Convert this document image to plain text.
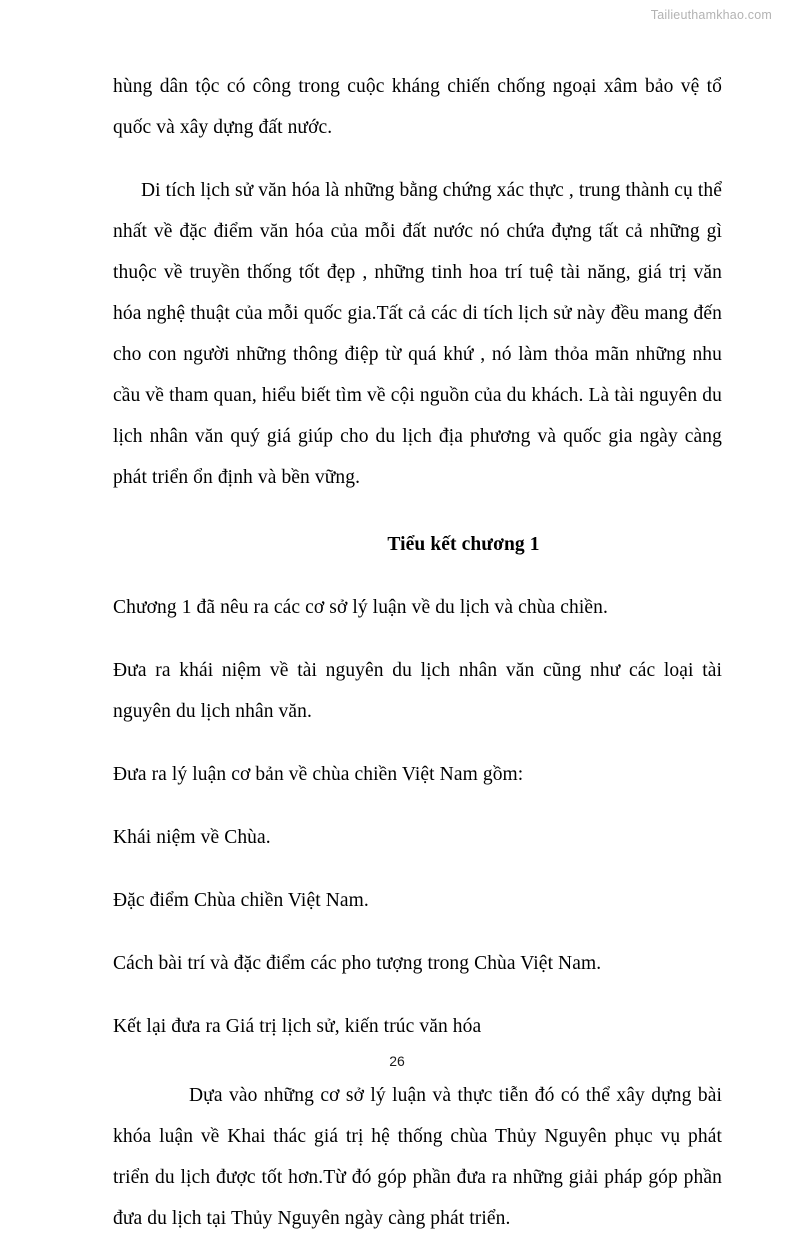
Tailieuthamkhao.com

hùng dân tộc có công trong cuộc kháng chiến chống ngoại xâm bảo vệ tổ quốc và xây dựng đất nước.

Di tích lịch sử văn hóa là những bằng chứng xác thực , trung thành cụ thể nhất về đặc điểm văn hóa của mỗi đất nước nó chứa đựng tất cả những gì thuộc về truyền thống tốt đẹp , những tinh hoa trí tuệ tài năng, giá trị văn hóa nghệ thuật của mỗi quốc gia.Tất cả các di tích lịch sử này đều mang đến cho con người những thông điệp từ quá khứ , nó làm thỏa mãn những nhu cầu về tham quan, hiểu biết tìm về cội nguồn của du khách. Là tài nguyên du lịch nhân văn quý giá giúp cho du lịch địa phương và quốc gia ngày càng phát triển ổn định và bền vững.

Tiểu kết chương 1

Chương 1 đã nêu ra các cơ sở lý luận về du lịch và chùa chiền.

Đưa ra khái niệm về tài nguyên du lịch nhân văn cũng như các loại tài nguyên du lịch nhân văn.

Đưa ra lý luận cơ bản về chùa chiền Việt Nam gồm:

Khái niệm về Chùa.

Đặc điểm Chùa chiền Việt Nam.

Cách bài trí và đặc điểm các pho tượng trong Chùa Việt Nam.

Kết lại đưa ra Giá trị lịch sử, kiến trúc văn hóa

Dựa vào những cơ sở lý luận và thực tiễn đó có thể xây dựng bài khóa luận về Khai thác giá trị hệ thống chùa Thủy Nguyên phục vụ phát triển du lịch được tốt hơn.Từ đó góp phần đưa ra những giải pháp góp phần đưa du lịch tại Thủy Nguyên ngày càng phát triển.

26
